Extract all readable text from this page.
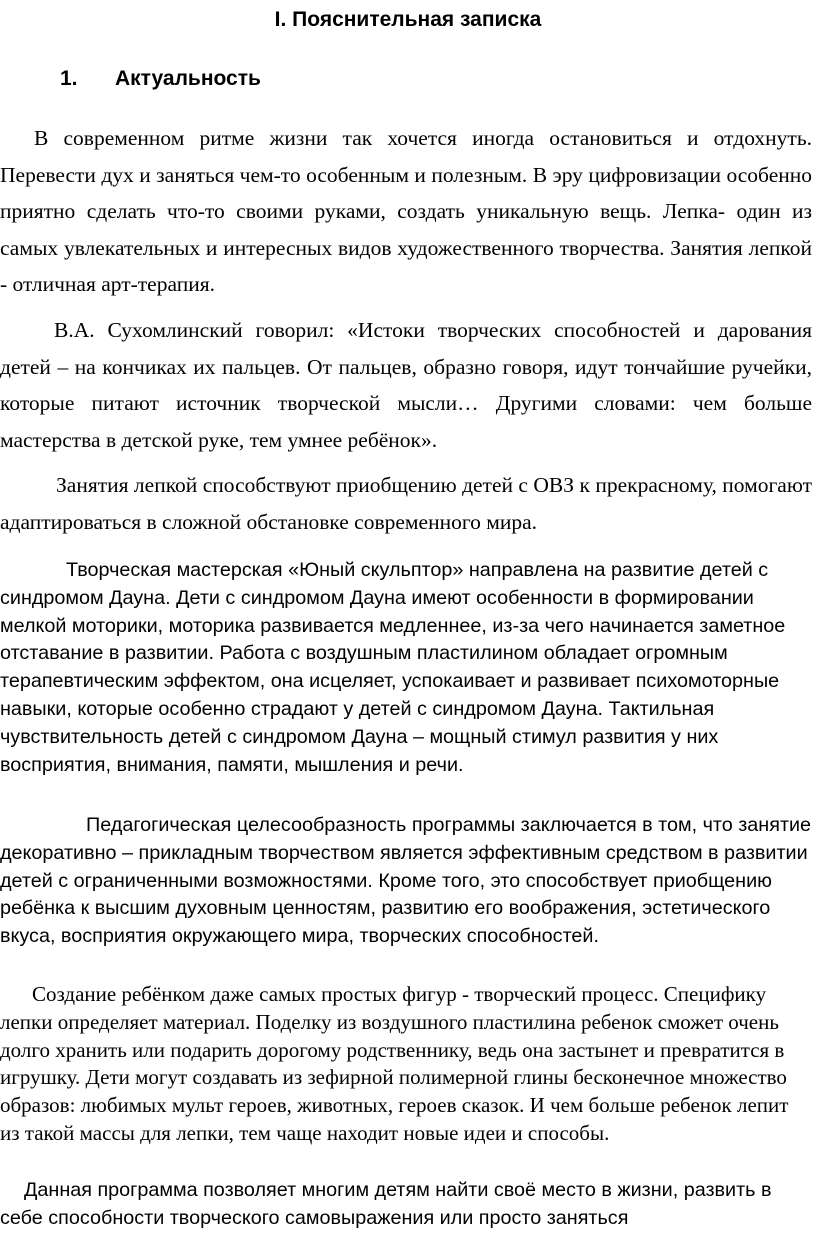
I. Пояснительная записка
1. Актуальность

В современном ритме жизни так хочется иногда остановиться и отдохнуть. Перевести дух и заняться чем-то особенным и полезным. В эру цифровизации особенно приятно сделать что-то своими руками, создать уникальную вещь. Лепка- один из самых увлекательных и интересных видов художественного творчества. Занятия лепкой - отличная арт-терапия.

В.А. Сухомлинский говорил: «Истоки творческих способностей и дарования детей – на кончиках их пальцев. От пальцев, образно говоря, идут тончайшие ручейки, которые питают источник творческой мысли… Другими словами: чем больше мастерства в детской руке, тем умнее ребёнок».

Занятия лепкой способствуют приобщению детей с ОВЗ к прекрасному, помогают адаптироваться в сложной обстановке современного мира.

Творческая мастерская «Юный скульптор» направлена на развитие детей с синдромом Дауна. Дети с синдромом Дауна имеют особенности в формировании мелкой моторики, моторика развивается медленнее, из-за чего начинается заметное отставание в развитии. Работа с воздушным пластилином обладает огромным терапевтическим эффектом, она исцеляет, успокаивает и развивает психомоторные навыки, которые особенно страдают у детей с синдромом Дауна. Тактильная чувствительность детей с синдромом Дауна – мощный стимул развития у них восприятия, внимания, памяти, мышления и речи.

Педагогическая целесообразность программы заключается в том, что занятие декоративно – прикладным творчеством является эффективным средством в развитии детей с ограниченными возможностями. Кроме того, это способствует приобщению ребёнка к высшим духовным ценностям, развитию его воображения, эстетического вкуса, восприятия окружающего мира, творческих способностей.

Создание ребёнком даже самых простых фигур - творческий процесс. Специфику лепки определяет материал. Поделку из воздушного пластилина ребенок сможет очень долго хранить или подарить дорогому родственнику, ведь она застынет и превратится в игрушку. Дети могут создавать из зефирной полимерной глины бесконечное множество образов: любимых мульт героев, животных, героев сказок. И чем больше ребенок лепит из такой массы для лепки, тем чаще находит новые идеи и способы.

Данная программа позволяет многим детям найти своё место в жизни, развить в себе способности творческого самовыражения или просто заняться
